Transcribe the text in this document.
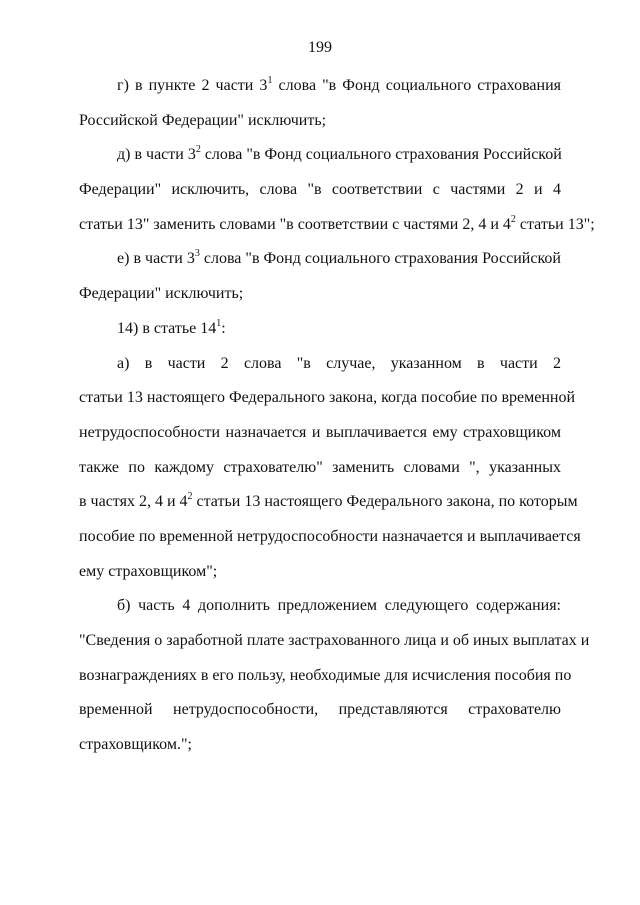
199
г) в пункте 2 части $3^1$ слова "в Фонд социального страхования
Российской Федерации" исключить;
д) в части $3^2$ слова "в Фонд социального страхования Российской
Федерации" исключить, слова "в соответствии с частями 2 и 4
статьи 13" заменить словами "в соответствии с частями 2, 4 и $4^2$ статьи 13";
е) в части $3^3$ слова "в Фонд социального страхования Российской
Федерации" исключить;
14) в статье $14^1$:
а) в части 2 слова "в случае, указанном в части 2
статьи 13 настоящего Федерального закона, когда пособие по временной
нетрудоспособности назначается и выплачивается ему страховщиком
также по каждому страхователю" заменить словами ", указанных
в частях 2, 4 и $4^2$ статьи 13 настоящего Федерального закона, по которым
пособие по временной нетрудоспособности назначается и выплачивается
ему страховщиком";
б) часть 4 дополнить предложением следующего содержания:
"Сведения о заработной плате застрахованного лица и об иных выплатах и
вознаграждениях в его пользу, необходимые для исчисления пособия по
временной нетрудоспособности, представляются страхователю
страховщиком.";
